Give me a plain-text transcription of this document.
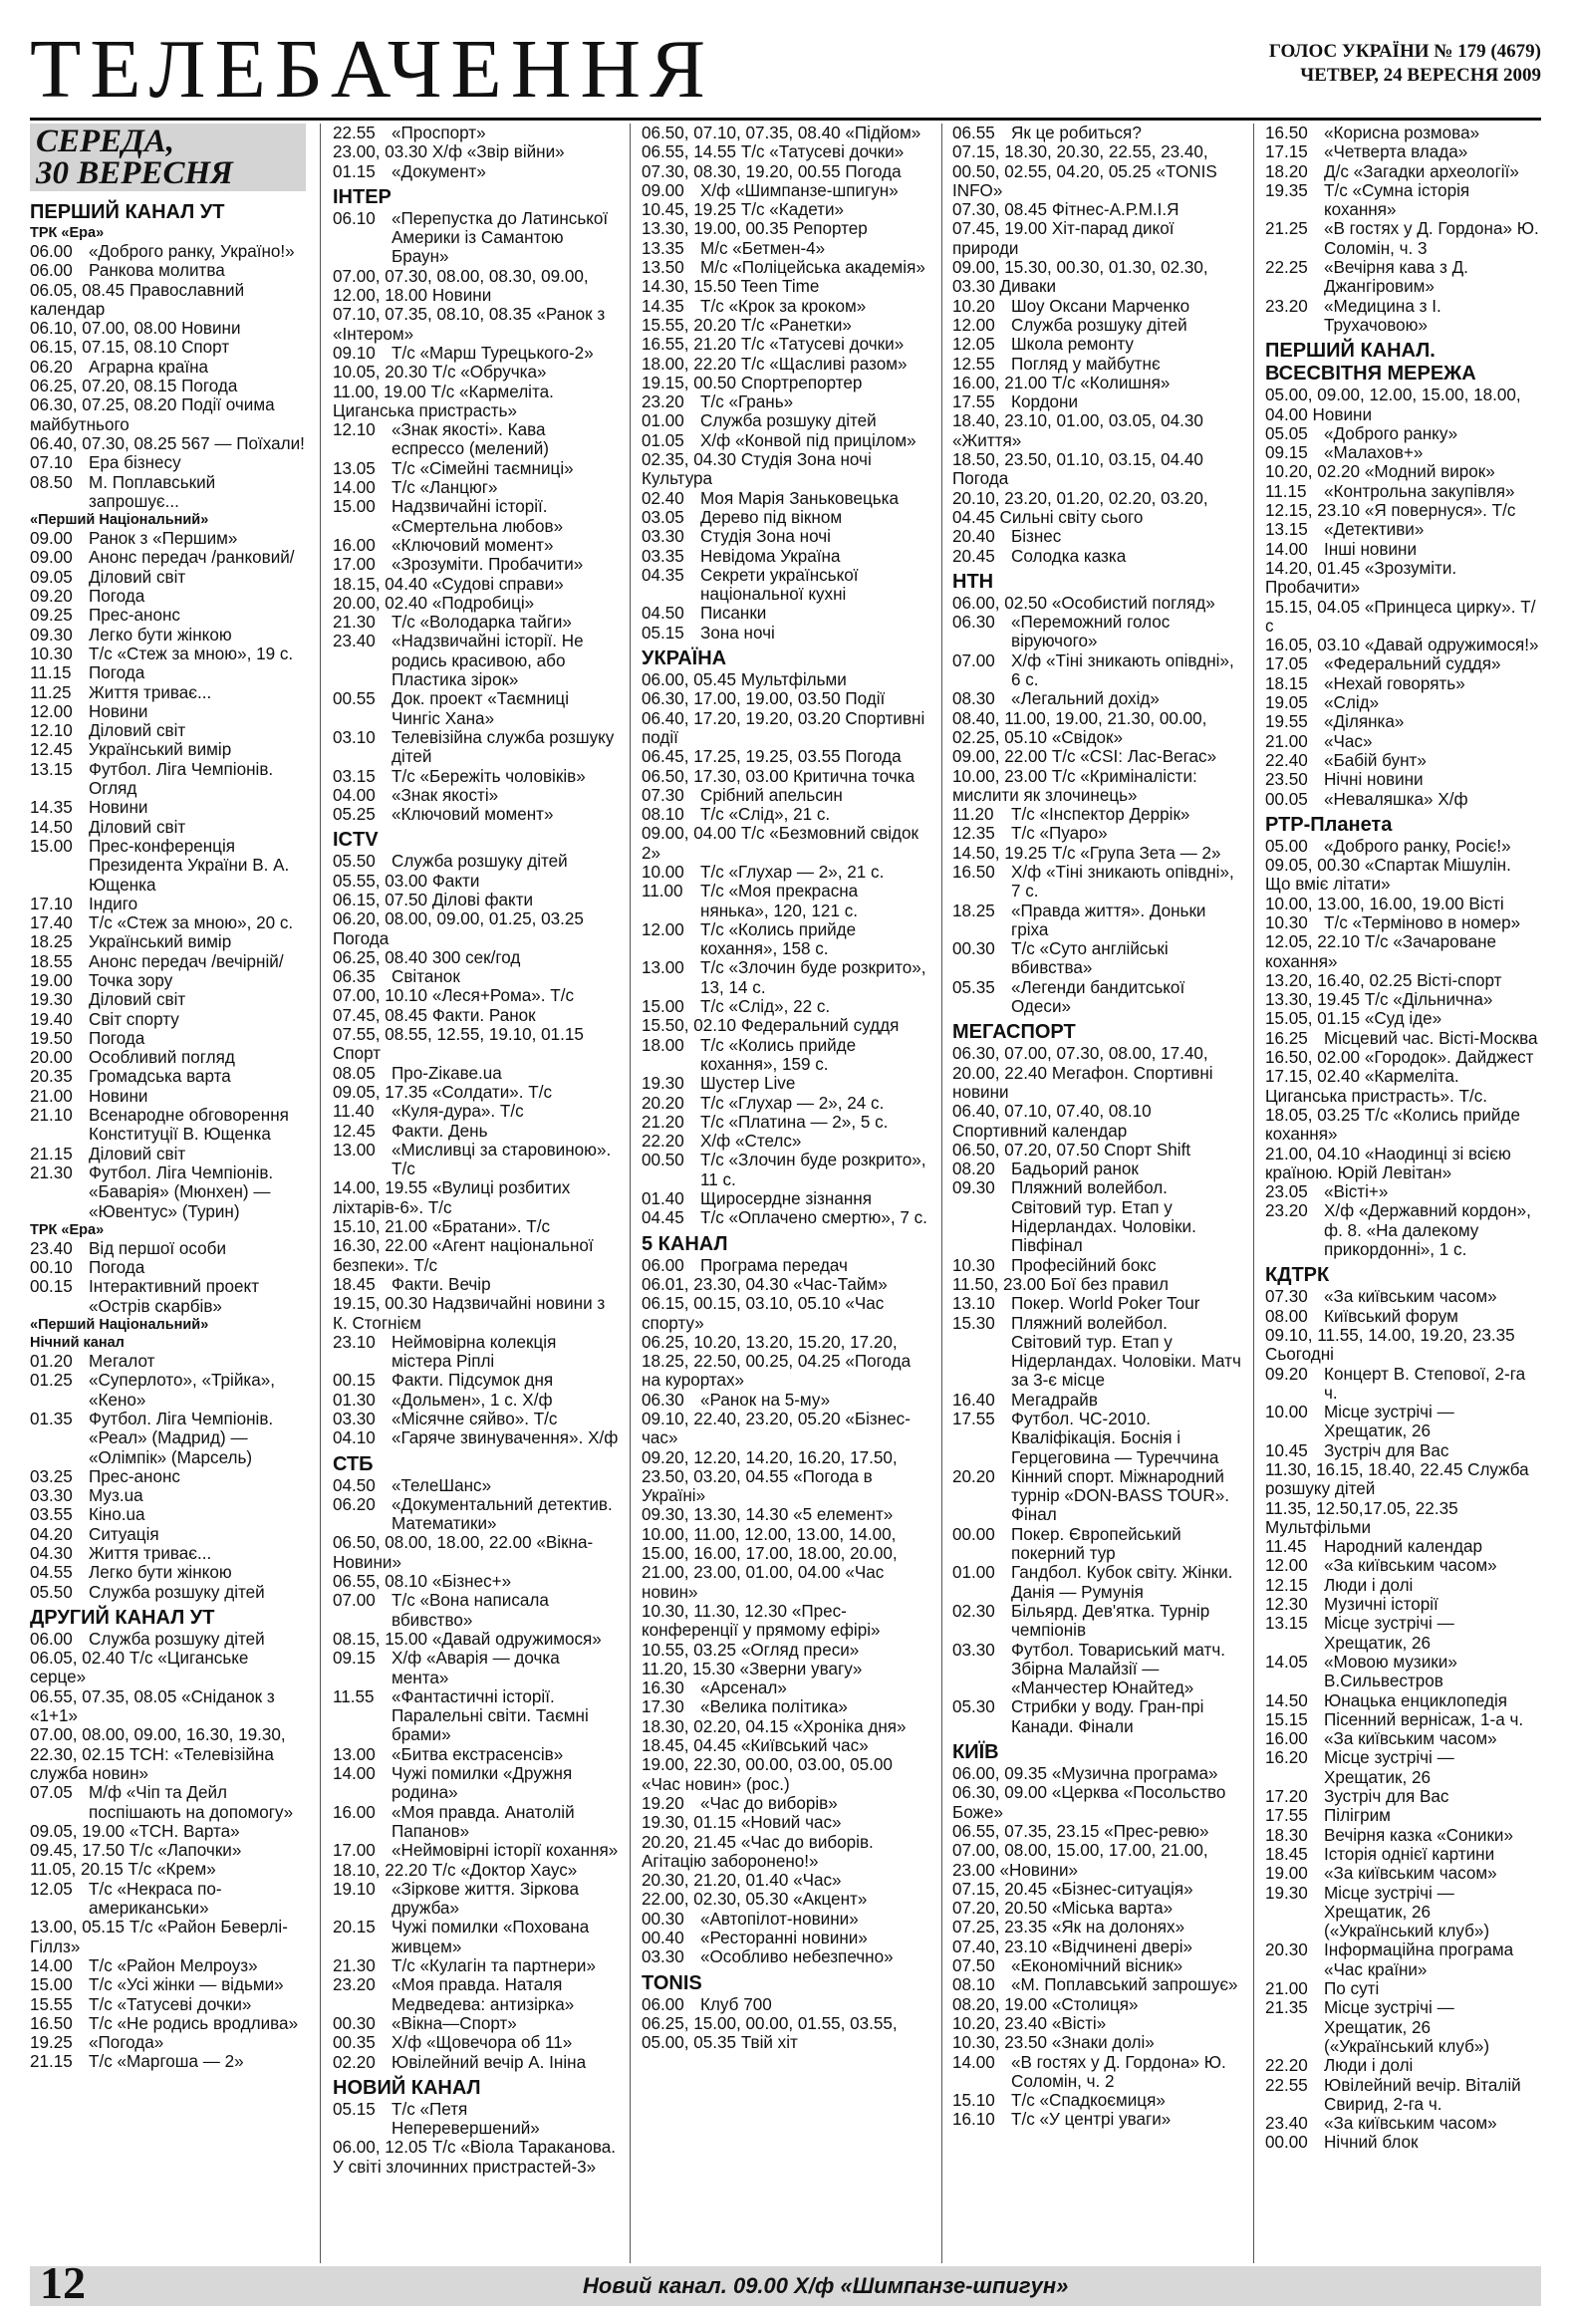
ТЕЛЕБАЧЕННЯ	ГОЛОС УКРАЇНИ № 179 (4679)
ЧЕТВЕР, 24 ВЕРЕСНЯ 2009
СЕРЕДА,
30 ВЕРЕСНЯ
ПЕРШИЙ КАНАЛ УТ
ТРК «Ера»
06.00 «Доброго ранку, Україно!»
06.00 Ранкова молитва
06.05, 08.45 Православний календар
06.10, 07.00, 08.00 Новини
06.15, 07.15, 08.10 Спорт
06.20 Аграрна країна
06.25, 07.20, 08.15 Погода
06.30, 07.25, 08.20 Події очима майбутнього
06.40, 07.30, 08.25 567 — Поїхали!
07.10 Ера бізнесу
08.50 М. Поплавський запрошує...
«Перший Національний»
09.00 Ранок з «Першим»
09.00 Анонс передач /ранковий/
09.05 Діловий світ
09.20 Погода
09.25 Прес-анонс
09.30 Легко бути жінкою
10.30 Т/с «Стеж за мною», 19 с.
11.15	Погода
11.25	Життя триває...
12.00 Новини
12.10 Діловий світ
12.45 Український вимір
13.15 Футбол. Ліга Чемпіонів. Огляд
14.35 Новини
14.50 Діловий світ
15.00 Прес-конференція Президента України В. А. Ющенка
17.10 Індиго
17.40 Т/с «Стеж за мною», 20 с.
18.25 Український вимір
18.55 Анонс передач /вечірній/
19.00 Точка зору
19.30 Діловий світ
19.40 Світ спорту
19.50 Погода
20.00 Особливий погляд
20.35 Громадська варта
21.00 Новини
21.10 Всенародне обговорення Конституції В. Ющенка
21.15 Діловий світ
21.30 Футбол. Ліга Чемпіонів. «Баварія» (Мюнхен) — «Ювентус» (Турин)
ТРК «Ера»
23.40 Від першої особи
00.10 Погода
00.15 Інтерактивний проект «Острів скарбів»
«Перший Національний»
Нічний канал
01.20 Мегалот
01.25 «Суперлото», «Трійка», «Кено»
01.35 Футбол. Ліга Чемпіонів. «Реал» (Мадрид) — «Олімпік» (Марсель)
03.25 Прес-анонс
03.30 Муз.ua
03.55 Кіно.ua
04.20 Ситуація
04.30 Життя триває...
04.55 Легко бути жінкою
05.50 Служба розшуку дітей
ДРУГИЙ КАНАЛ УТ
06.00 Служба розшуку дітей
06.05, 02.40 Т/с «Циганське серце»
06.55, 07.35, 08.05 «Сніданок з «1+1»
07.00, 08.00, 09.00, 16.30, 19.30, 22.30, 02.15 ТСН: «Телевізійна служба новин»
07.05 М/ф «Чіп та Дейл поспішають на допомогу»
09.05, 19.00 «ТСН. Варта»
09.45, 17.50 Т/с «Лапочки»
11.05, 20.15 Т/с «Крем»
12.05 Т/с «Некраса по-американськи»
13.00, 05.15 Т/с «Район Беверлі-Гіллз»
14.00 Т/с «Район Мелроуз»
15.00 Т/с «Усі жінки — відьми»
15.55 Т/с «Татусеві дочки»
16.50 Т/с «Не родись вродлива»
19.25 «Погода»
21.15 Т/с «Маргоша — 2»
22.55 «Проспорт»
23.00, 03.30 Х/ф «Звір війни»
01.15 «Документ»
ІНТЕР
06.10 «Перепустка до Латинської Америки із Самантою Браун»
07.00, 07.30, 08.00, 08.30, 09.00, 12.00, 18.00 Новини
07.10, 07.35, 08.10, 08.35 «Ранок з «Інтером»
09.10 Т/с «Марш Турецького-2»
10.05, 20.30 Т/с «Обручка»
11.00, 19.00 Т/с «Кармеліта. Циганська пристрасть»
12.10 «Знак якості». Кава еспрессо (мелений)
13.05 Т/с «Сімейні таємниці»
14.00 Т/с «Ланцюг»
15.00 Надзвичайні історії. «Смертельна любов»
16.00 «Ключовий момент»
17.00 «Зрозуміти. Пробачити»
18.15, 04.40 «Судові справи»
20.00, 02.40 «Подробиці»
21.30 Т/с «Володарка тайги»
23.40 «Надзвичайні історії. Не родись красивою, або Пластика зірок»
00.55 Док. проект «Таємниці Чингіс Хана»
03.10 Телевізійна служба розшуку дітей
03.15 Т/с «Бережіть чоловіків»
04.00 «Знак якості»
05.25 «Ключовий момент»
ICTV
05.50 Служба розшуку дітей
05.55, 03.00 Факти
06.15, 07.50 Ділові факти
06.20, 08.00, 09.00, 01.25, 03.25 Погода
06.25, 08.40 300 сек/год
06.35 Світанок
07.00, 10.10 «Леся+Рома». Т/с
07.45, 08.45 Факти. Ранок
07.55, 08.55, 12.55, 19.10, 01.15 Спорт
08.05 Про-Zікаве.ua
09.05, 17.35 «Солдати». Т/с
11.40	«Куля-дура». Т/с
12.45 Факти. День
13.00 «Мисливці за старовиною». Т/с
14.00, 19.55 «Вулиці розбитих ліхтарів-6». Т/с
15.10, 21.00 «Братани». Т/с
16.30, 22.00 «Агент національної безпеки». Т/с
18.45 Факти. Вечір
19.15, 00.30 Надзвичайні новини з К. Стогнієм
23.10 Неймовірна колекція містера Ріплі
00.15 Факти. Підсумок дня
01.30 «Дольмен», 1 с. Х/ф
03.30 «Місячне сяйво». Т/с
04.10 «Гаряче звинувачення». Х/ф
СТБ
04.50 «ТелеШанс»
06.20 «Документальний детектив. Математики»
06.50, 08.00, 18.00, 22.00 «Вікна-Новини»
06.55, 08.10 «Бізнес+»
07.00 Т/с «Вона написала вбивство»
08.15, 15.00 «Давай одружимося»
09.15 Х/ф «Аварія — дочка мента»
11.55	«Фантастичні історії. Паралельні світи. Таємні брами»
13.00 «Битва екстрасенсів»
14.00 Чужі помилки «Дружня родина»
16.00 «Моя правда. Анатолій Папанов»
17.00 «Неймовірні історії кохання»
18.10, 22.20 Т/с «Доктор Хаус»
19.10 «Зіркове життя. Зіркова дружба»
20.15 Чужі помилки «Похована живцем»
21.30 Т/с «Кулагін та партнери»
23.20 «Моя правда. Наталя Медведева: антизірка»
00.30 «Вікна—Спорт»
00.35 Х/ф «Щовечора об 11»
02.20 Ювілейний вечір А. Ініна
НОВИЙ КАНАЛ
05.15 Т/с «Петя Неперевершений»
06.00, 12.05 Т/с «Віола Тараканова. У світі злочинних пристрастей-3»
06.50, 07.10, 07.35, 08.40 «Підйом»
06.55, 14.55 Т/с «Татусеві дочки»
07.30, 08.30, 19.20, 00.55 Погода
09.00 Х/ф «Шимпанзе-шпигун»
10.45, 19.25 Т/с «Кадети»
13.30, 19.00, 00.35 Репортер
13.35 М/с «Бетмен-4»
13.50 М/с «Поліцейська академія»
14.30, 15.50 Teen Time
14.35 Т/с «Крок за кроком»
15.55, 20.20 Т/с «Ранетки»
16.55, 21.20 Т/с «Татусеві дочки»
18.00, 22.20 Т/с «Щасливі разом»
19.15, 00.50 Спортрепортер
23.20 Т/с «Грань»
01.00 Служба розшуку дітей
01.05 Х/ф «Конвой під прицілом»
02.35, 04.30 Студія Зона ночі Культура
02.40 Моя Марія Заньковецька
03.05 Дерево під вікном
03.30 Студія Зона ночі
03.35 Невідома Україна
04.35 Секрети української національної кухні
04.50 Писанки
05.15 Зона ночі
УКРАЇНА
06.00, 05.45 Мультфільми
06.30, 17.00, 19.00, 03.50 Події
06.40, 17.20, 19.20, 03.20 Спортивні події
06.45, 17.25, 19.25, 03.55 Погода
06.50, 17.30, 03.00 Критична точка
07.30 Срібний апельсин
08.10 Т/с «Слід», 21 с.
09.00, 04.00 Т/с «Безмовний свідок 2»
10.00 Т/с «Глухар — 2», 21 с.
11.00	Т/с «Моя прекрасна нянька», 120, 121 с.
12.00 Т/с «Колись прийде кохання», 158 с.
13.00 Т/с «Злочин буде розкрито», 13, 14 с.
15.00 Т/с «Слід», 22 с.
15.50, 02.10 Федеральний суддя
18.00 Т/с «Колись прийде кохання», 159 с.
19.30 Шустер Live
20.20 Т/с «Глухар — 2», 24 с.
21.20 Т/с «Платина — 2», 5 с.
22.20 Х/ф «Стелс»
00.50 Т/с «Злочин буде розкрито», 11 с.
01.40 Щиросердне зізнання
04.45 Т/с «Оплачено смертю», 7 с.
5 КАНАЛ
06.00 Програма передач
06.01, 23.30, 04.30 «Час-Тайм»
06.15, 00.15, 03.10, 05.10 «Час спорту»
06.25, 10.20, 13.20, 15.20, 17.20, 18.25, 22.50, 00.25, 04.25 «Погода на курортах»
06.30 «Ранок на 5-му»
09.10, 22.40, 23.20, 05.20 «Бізнес-час»
09.20, 12.20, 14.20, 16.20, 17.50, 23.50, 03.20, 04.55 «Погода в Україні»
09.30, 13.30, 14.30 «5 елемент»
10.00, 11.00, 12.00, 13.00, 14.00, 15.00, 16.00, 17.00, 18.00, 20.00, 21.00, 23.00, 01.00, 04.00 «Час новин»
10.30, 11.30, 12.30 «Прес-конференції у прямому ефірі»
10.55, 03.25 «Огляд преси»
11.20, 15.30 «Зверни увагу»
16.30 «Арсенал»
17.30 «Велика політика»
18.30, 02.20, 04.15 «Хроніка дня»
18.45, 04.45 «Київський час»
19.00, 22.30, 00.00, 03.00, 05.00 «Час новин» (рос.)
19.20 «Час до виборів»
19.30, 01.15 «Новий час»
20.20, 21.45 «Час до виборів. Агітацію заборонено!»
20.30, 21.20, 01.40 «Час»
22.00, 02.30, 05.30 «Акцент»
00.30 «Автопілот-новини»
00.40 «Ресторанні новини»
03.30 «Особливо небезпечно»
TONIS
06.00 Клуб 700
06.25, 15.00, 00.00, 01.55, 03.55, 05.00, 05.35 Твій хіт
06.55 Як це робиться?
07.15, 18.30, 20.30, 22.55, 23.40, 00.50, 02.55, 04.20, 05.25 «TONIS INFO»
07.30, 08.45 Фітнес-А.Р.М.І.Я
07.45, 19.00 Хіт-парад дикої природи
09.00, 15.30, 00.30, 01.30, 02.30, 03.30 Диваки
10.20 Шоу Оксани Марченко
12.00 Служба розшуку дітей
12.05 Школа ремонту
12.55 Погляд у майбутнє
16.00, 21.00 Т/с «Колишня»
17.55 Кордони
18.40, 23.10, 01.00, 03.05, 04.30 «Життя»
18.50, 23.50, 01.10, 03.15, 04.40 Погода
20.10, 23.20, 01.20, 02.20, 03.20, 04.45 Сильні світу сього
20.40 Бізнес
20.45 Солодка казка
НТН
06.00, 02.50 «Особистий погляд»
06.30 «Переможний голос віруючого»
07.00 Х/ф «Тіні зникають опівдні», 6 с.
08.30 «Легальний дохід»
08.40, 11.00, 19.00, 21.30, 00.00, 02.25, 05.10 «Свідок»
09.00, 22.00 Т/с «CSI: Лас-Вегас»
10.00, 23.00 Т/с «Криміналісти: мислити як злочинець»
11.20	Т/с «Інспектор Деррік»
12.35 Т/с «Пуаро»
14.50, 19.25 Т/с «Група Зета — 2»
16.50 Х/ф «Тіні зникають опівдні», 7 с.
18.25 «Правда життя». Доньки гріха
00.30 Т/с «Суто англійські вбивства»
05.35 «Легенди бандитської Одеси»
МЕГАСПОРТ
06.30, 07.00, 07.30, 08.00, 17.40, 20.00, 22.40 Мегафон. Спортивні новини
06.40, 07.10, 07.40, 08.10 Спортивний календар
06.50, 07.20, 07.50 Спорт Shift
08.20 Бадьорий ранок
09.30 Пляжний волейбол. Світовий тур. Етап у Нідерландах. Чоловіки. Півфінал
10.30 Професійний бокс
11.50, 23.00 Бої без правил
13.10 Покер. World Poker Tour
15.30 Пляжний волейбол. Світовий тур. Етап у Нідерландах. Чоловіки. Матч за 3-є місце
16.40 Мегадрайв
17.55 Футбол. ЧС-2010. Кваліфікація. Боснія і Герцеговина — Туреччина
20.20 Кінний спорт. Міжнародний турнір «DON-BASS TOUR». Фінал
00.00 Покер. Європейський покерний тур
01.00 Гандбол. Кубок світу. Жінки. Данія — Румунія
02.30 Більярд. Дев'ятка. Турнір чемпіонів
03.30 Футбол. Товариський матч. Збірна Малайзії — «Манчестер Юнайтед»
05.30 Стрибки у воду. Гран-прі Канади. Фінали
КИЇВ
06.00, 09.35 «Музична програма»
06.30, 09.00 «Церква «Посольство Боже»
06.55, 07.35, 23.15 «Прес-ревю»
07.00, 08.00, 15.00, 17.00, 21.00, 23.00 «Новини»
07.15, 20.45 «Бізнес-ситуація»
07.20, 20.50 «Міська варта»
07.25, 23.35 «Як на долонях»
07.40, 23.10 «Відчинені двері»
07.50 «Економічний вісник»
08.10 «М. Поплавський запрошує»
08.20, 19.00 «Столиця»
10.20, 23.40 «Вісті»
10.30, 23.50 «Знаки долі»
14.00 «В гостях у Д. Гордона» Ю. Соломін, ч. 2
15.10 Т/с «Спадкоємиця»
16.10 Т/с «У центрі уваги»
16.50 «Корисна розмова»
17.15 «Четверта влада»
18.20 Д/с «Загадки археології»
19.35 Т/с «Сумна історія кохання»
21.25 «В гостях у Д. Гордона» Ю. Соломін, ч. 3
22.25 «Вечірня кава з Д. Джангіровим»
23.20 «Медицина з І. Трухачовою»
ПЕРШИЙ КАНАЛ. ВСЕСВІТНЯ МЕРЕЖА
05.00, 09.00, 12.00, 15.00, 18.00, 04.00 Новини
05.05 «Доброго ранку»
09.15 «Малахов+»
10.20, 02.20 «Модний вирок»
11.15	«Контрольна закупівля»
12.15, 23.10 «Я повернуся». Т/с
13.15 «Детективи»
14.00 Інші новини
14.20, 01.45 «Зрозуміти. Пробачити»
15.15, 04.05 «Принцеса цирку». Т/с
16.05, 03.10 «Давай одружимося!»
17.05 «Федеральний суддя»
18.15 «Нехай говорять»
19.05 «Слід»
19.55 «Ділянка»
21.00 «Час»
22.40 «Бабій бунт»
23.50 Нічні новини
00.05 «Неваляшка» Х/ф
РТР-Планета
05.00 «Доброго ранку, Росіє!»
09.05, 00.30 «Спартак Мішулін. Що вміє літати»
10.00, 13.00, 16.00, 19.00 Вісті
10.30 Т/с «Терміново в номер»
12.05, 22.10 Т/с «Зачароване кохання»
13.20, 16.40, 02.25 Вісті-спорт
13.30, 19.45 Т/с «Дільнична»
15.05, 01.15 «Суд іде»
16.25 Місцевий час. Вісті-Москва
16.50, 02.00 «Городок». Дайджест
17.15, 02.40 «Кармеліта. Циганська пристрасть». Т/с.
18.05, 03.25 Т/с «Колись прийде кохання»
21.00, 04.10 «Наодинці зі всією країною. Юрій Левітан»
23.05 «Вісті+»
23.20 Х/ф «Державний кордон», ф. 8. «На далекому прикордонні», 1 с.
КДТРК
07.30 «За київським часом»
08.00 Київський форум
09.10, 11.55, 14.00, 19.20, 23.35 Сьогодні
09.20 Концерт В. Степової, 2-га ч.
10.00 Місце зустрічі — Хрещатик, 26
10.45 Зустріч для Вас
11.30, 16.15, 18.40, 22.45 Служба розшуку дітей
11.35, 12.50,17.05, 22.35 Мультфільми
11.45	Народний календар
12.00 «За київським часом»
12.15 Люди і долі
12.30 Музичні історії
13.15 Місце зустрічі — Хрещатик, 26
14.05 «Мовою музики» В.Сильвестров
14.50 Юнацька енциклопедія
15.15 Пісенний вернісаж, 1-а ч.
16.00 «За київським часом»
16.20 Місце зустрічі — Хрещатик, 26
17.20 Зустріч для Вас
17.55 Пілігрим
18.30 Вечірня казка «Соники»
18.45 Історія однієї картини
19.00 «За київським часом»
19.30 Місце зустрічі — Хрещатик, 26 («Український клуб»)
20.30 Інформаційна програма «Час країни»
21.00 По суті
21.35 Місце зустрічі — Хрещатик, 26 («Український клуб»)
22.20 Люди і долі
22.55 Ювілейний вечір. Віталій Свирид, 2-га ч.
23.40 «За київським часом»
00.00 Нічний блок
12	Новий канал. 09.00 Х/ф «Шимпанзе-шпигун»
